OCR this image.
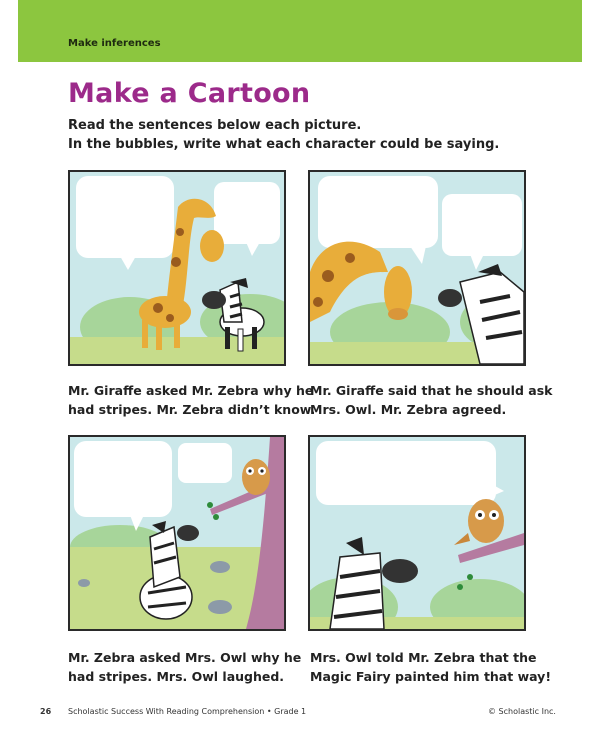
Make inferences
Make a Cartoon
Read the sentences below each picture.
In the bubbles, write what each character could be saying.
Mr. Giraffe asked Mr. Zebra why he
had stripes. Mr. Zebra didn’t know.
Mr. Giraffe said that he should ask
Mrs. Owl. Mr. Zebra agreed.
Mr. Zebra asked Mrs. Owl why he
had stripes. Mrs. Owl laughed.
Mrs. Owl told Mr. Zebra that the
Magic Fairy painted him that way!
26 Scholastic Success With Reading Comprehension • Grade 1	© Scholastic Inc.
